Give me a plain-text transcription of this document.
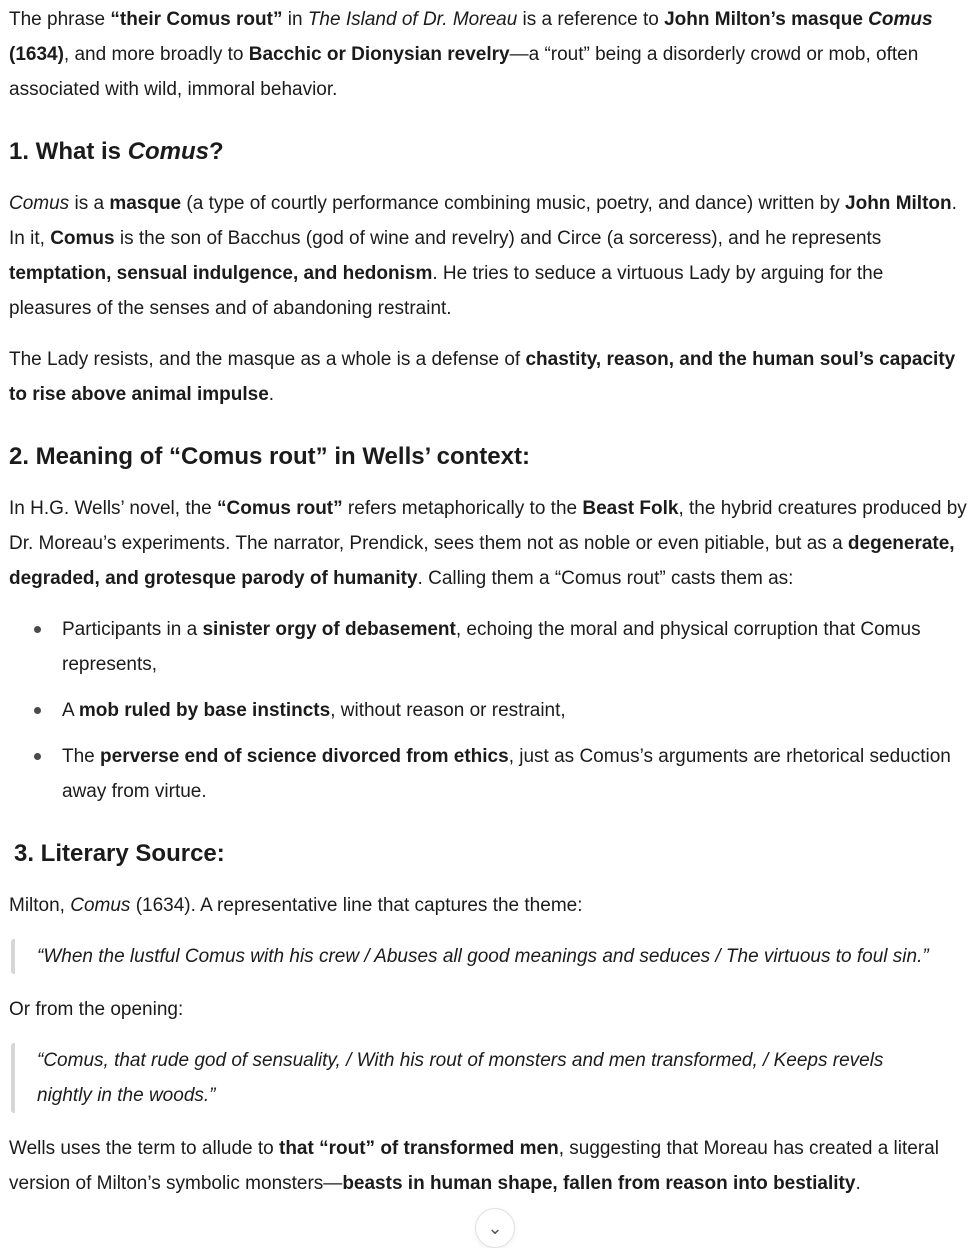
The phrase “their Comus rout” in The Island of Dr. Moreau is a reference to John Milton’s masque Comus (1634), and more broadly to Bacchic or Dionysian revelry—a “rout” being a disorderly crowd or mob, often associated with wild, immoral behavior.

1. What is Comus?

Comus is a masque (a type of courtly performance combining music, poetry, and dance) written by John Milton. In it, Comus is the son of Bacchus (god of wine and revelry) and Circe (a sorceress), and he represents temptation, sensual indulgence, and hedonism. He tries to seduce a virtuous Lady by arguing for the pleasures of the senses and of abandoning restraint.

The Lady resists, and the masque as a whole is a defense of chastity, reason, and the human soul’s capacity to rise above animal impulse.

2. Meaning of “Comus rout” in Wells’ context:

In H.G. Wells’ novel, the “Comus rout” refers metaphorically to the Beast Folk, the hybrid creatures produced by Dr. Moreau’s experiments. The narrator, Prendick, sees them not as noble or even pitiable, but as a degenerate, degraded, and grotesque parody of humanity. Calling them a “Comus rout” casts them as:

Participants in a sinister orgy of debasement, echoing the moral and physical corruption that Comus represents,
A mob ruled by base instincts, without reason or restraint,
The perverse end of science divorced from ethics, just as Comus’s arguments are rhetorical seduction away from virtue.
3. Literary Source:

Milton, Comus (1634). A representative line that captures the theme:

“When the lustful Comus with his crew / Abuses all good meanings and seduces / The virtuous to foul sin.”

Or from the opening:

“Comus, that rude god of sensuality, / With his rout of monsters and men transformed, / Keeps revels nightly in the woods.”

Wells uses the term to allude to that “rout” of transformed men, suggesting that Moreau has created a literal version of Milton’s symbolic monsters—beasts in human shape, fallen from reason into bestiality.

⌄
